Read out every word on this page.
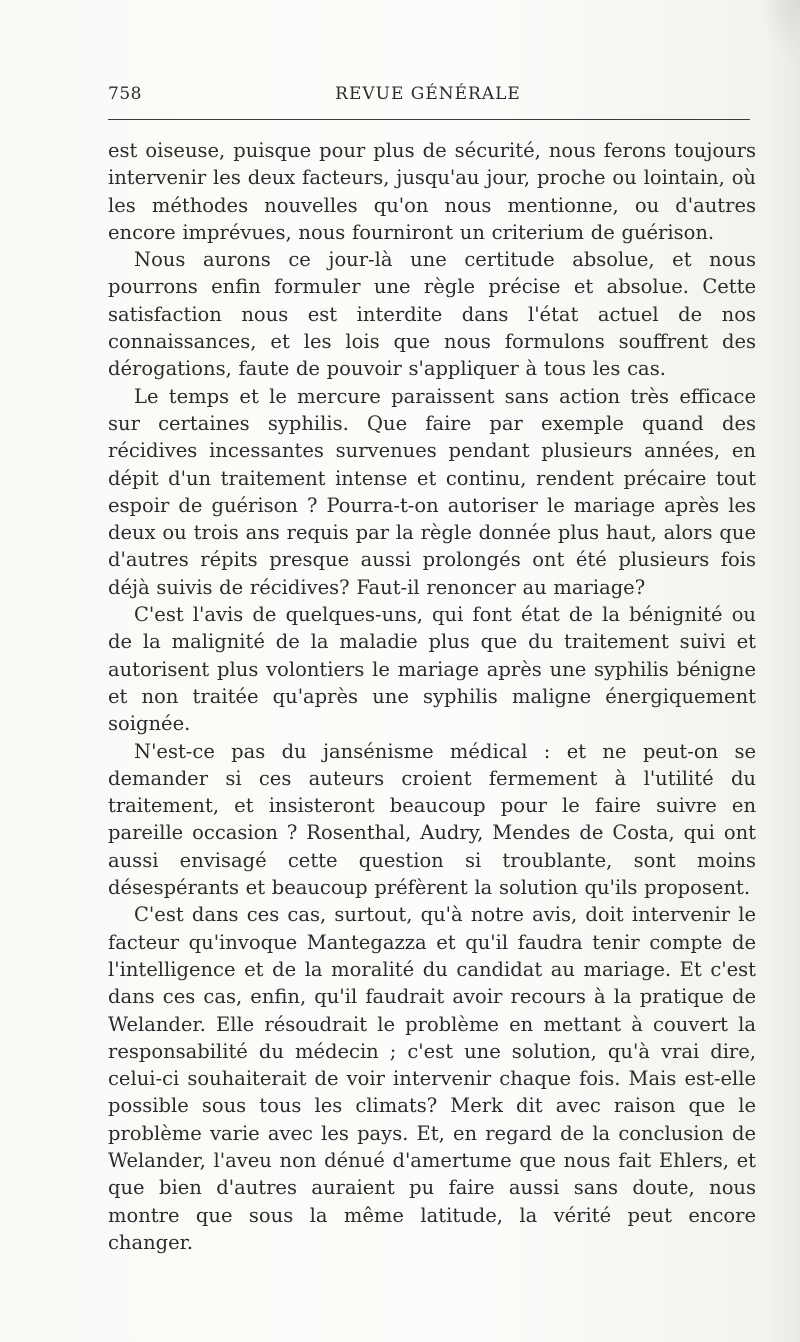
758	REVUE GÉNÉRALE

est oiseuse, puisque pour plus de sécurité, nous ferons toujours intervenir les deux facteurs, jusqu'au jour, proche ou lointain, où les méthodes nouvelles qu'on nous mentionne, ou d'autres encore imprévues, nous fourniront un criterium de guérison.

Nous aurons ce jour-là une certitude absolue, et nous pourrons enfin formuler une règle précise et absolue. Cette satisfaction nous est interdite dans l'état actuel de nos connaissances, et les lois que nous formulons souffrent des dérogations, faute de pouvoir s'appliquer à tous les cas.

Le temps et le mercure paraissent sans action très efficace sur certaines syphilis. Que faire par exemple quand des récidives incessantes survenues pendant plusieurs années, en dépit d'un traitement intense et continu, rendent précaire tout espoir de guérison ? Pourra-t-on autoriser le mariage après les deux ou trois ans requis par la règle donnée plus haut, alors que d'autres répits presque aussi prolongés ont été plusieurs fois déjà suivis de récidives? Faut-il renoncer au mariage?

C'est l'avis de quelques-uns, qui font état de la bénignité ou de la malignité de la maladie plus que du traitement suivi et autorisent plus volontiers le mariage après une syphilis bénigne et non traitée qu'après une syphilis maligne énergiquement soignée.

N'est-ce pas du jansénisme médical : et ne peut-on se demander si ces auteurs croient fermement à l'utilité du traitement, et insisteront beaucoup pour le faire suivre en pareille occasion ? Rosenthal, Audry, Mendes de Costa, qui ont aussi envisagé cette question si troublante, sont moins désespérants et beaucoup préfèrent la solution qu'ils proposent.

C'est dans ces cas, surtout, qu'à notre avis, doit intervenir le facteur qu'invoque Mantegazza et qu'il faudra tenir compte de l'intelligence et de la moralité du candidat au mariage. Et c'est dans ces cas, enfin, qu'il faudrait avoir recours à la pratique de Welander. Elle résoudrait le problème en mettant à couvert la responsabilité du médecin ; c'est une solution, qu'à vrai dire, celui-ci souhaiterait de voir intervenir chaque fois. Mais est-elle possible sous tous les climats? Merk dit avec raison que le problème varie avec les pays. Et, en regard de la conclusion de Welander, l'aveu non dénué d'amertume que nous fait Ehlers, et que bien d'autres auraient pu faire aussi sans doute, nous montre que sous la même latitude, la vérité peut encore changer.
